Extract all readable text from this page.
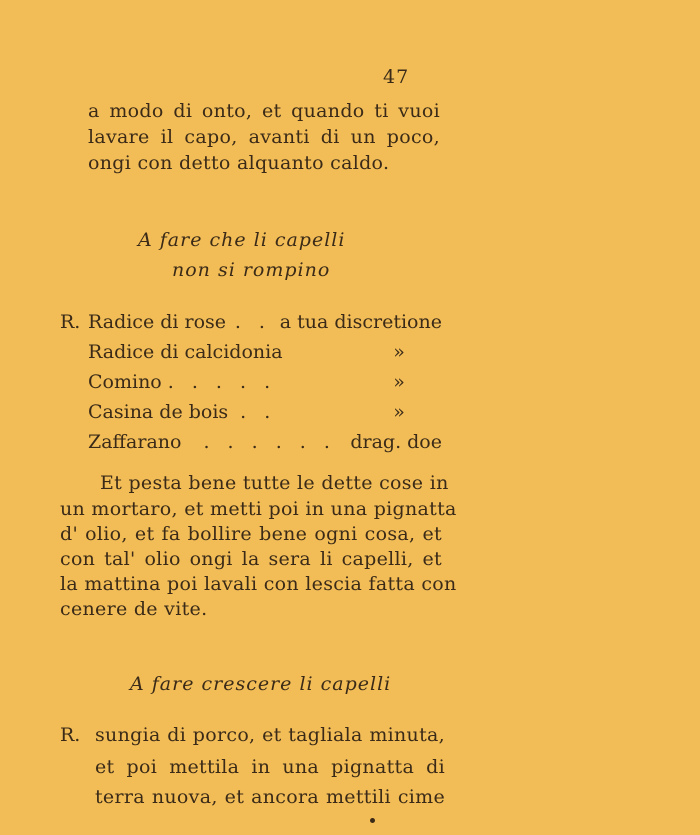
47
a modo di onto, et quando ti vuoi
lavare il capo, avanti di un poco,
ongi con detto alquanto caldo.
A fare che li capelli
non si rompino
R. Radice di rose . . a tua discretione
Radice di calcidonia	»
Comino . . . . .	»
Casina de bois . .	»
Zaffarano	. . . . . . drag. doe
Et pesta bene tutte le dette cose in
un mortaro, et metti poi in una pignatta
d' olio, et fa bollire bene ogni cosa, et
con tal' olio ongi la sera li capelli, et
la mattina poi lavali con lescia fatta con
cenere de vite.
A fare crescere li capelli
R. sungia di porco, et tagliala minuta,
et poi mettila in una pignatta di
terra nuova, et ancora mettili cime
